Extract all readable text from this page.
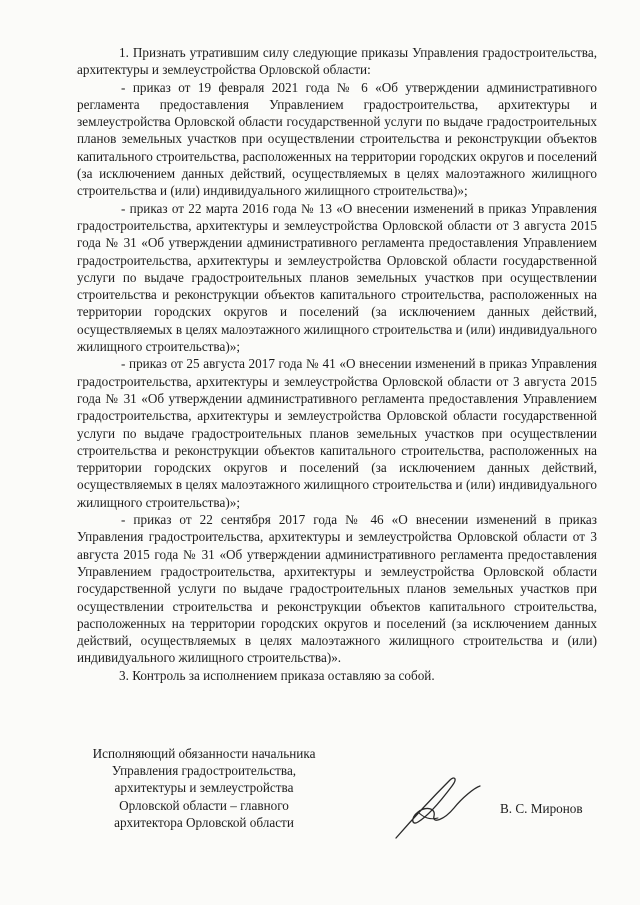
1. Признать утратившим силу следующие приказы Управления градостроительства, архитектуры и землеустройства Орловской области:

- приказ от 19 февраля 2021 года № 6 «Об утверждении административного регламента предоставления Управлением градостроительства, архитектуры и землеустройства Орловской области государственной услуги по выдаче градостроительных планов земельных участков при осуществлении строительства и реконструкции объектов капитального строительства, расположенных на территории городских округов и поселений (за исключением данных действий, осуществляемых в целях малоэтажного жилищного строительства и (или) индивидуального жилищного строительства)»;

- приказ от 22 марта 2016 года № 13 «О внесении изменений в приказ Управления градостроительства, архитектуры и землеустройства Орловской области от 3 августа 2015 года № 31 «Об утверждении административного регламента предоставления Управлением градостроительства, архитектуры и землеустройства Орловской области государственной услуги по выдаче градостроительных планов земельных участков при осуществлении строительства и реконструкции объектов капитального строительства, расположенных на территории городских округов и поселений (за исключением данных действий, осуществляемых в целях малоэтажного жилищного строительства и (или) индивидуального жилищного строительства)»;

- приказ от 25 августа 2017 года № 41 «О внесении изменений в приказ Управления градостроительства, архитектуры и землеустройства Орловской области от 3 августа 2015 года № 31 «Об утверждении административного регламента предоставления Управлением градостроительства, архитектуры и землеустройства Орловской области государственной услуги по выдаче градостроительных планов земельных участков при осуществлении строительства и реконструкции объектов капитального строительства, расположенных на территории городских округов и поселений (за исключением данных действий, осуществляемых в целях малоэтажного жилищного строительства и (или) индивидуального жилищного строительства)»;

- приказ от 22 сентября 2017 года № 46 «О внесении изменений в приказ Управления градостроительства, архитектуры и землеустройства Орловской области от 3 августа 2015 года № 31 «Об утверждении административного регламента предоставления Управлением градостроительства, архитектуры и землеустройства Орловской области государственной услуги по выдаче градостроительных планов земельных участков при осуществлении строительства и реконструкции объектов капитального строительства, расположенных на территории городских округов и поселений (за исключением данных действий, осуществляемых в целях малоэтажного жилищного строительства и (или) индивидуального жилищного строительства)».

3. Контроль за исполнением приказа оставляю за собой.

Исполняющий обязанности начальника
Управления градостроительства,
архитектуры и землеустройства
Орловской области – главного
архитектора Орловской области
В. С. Миронов
